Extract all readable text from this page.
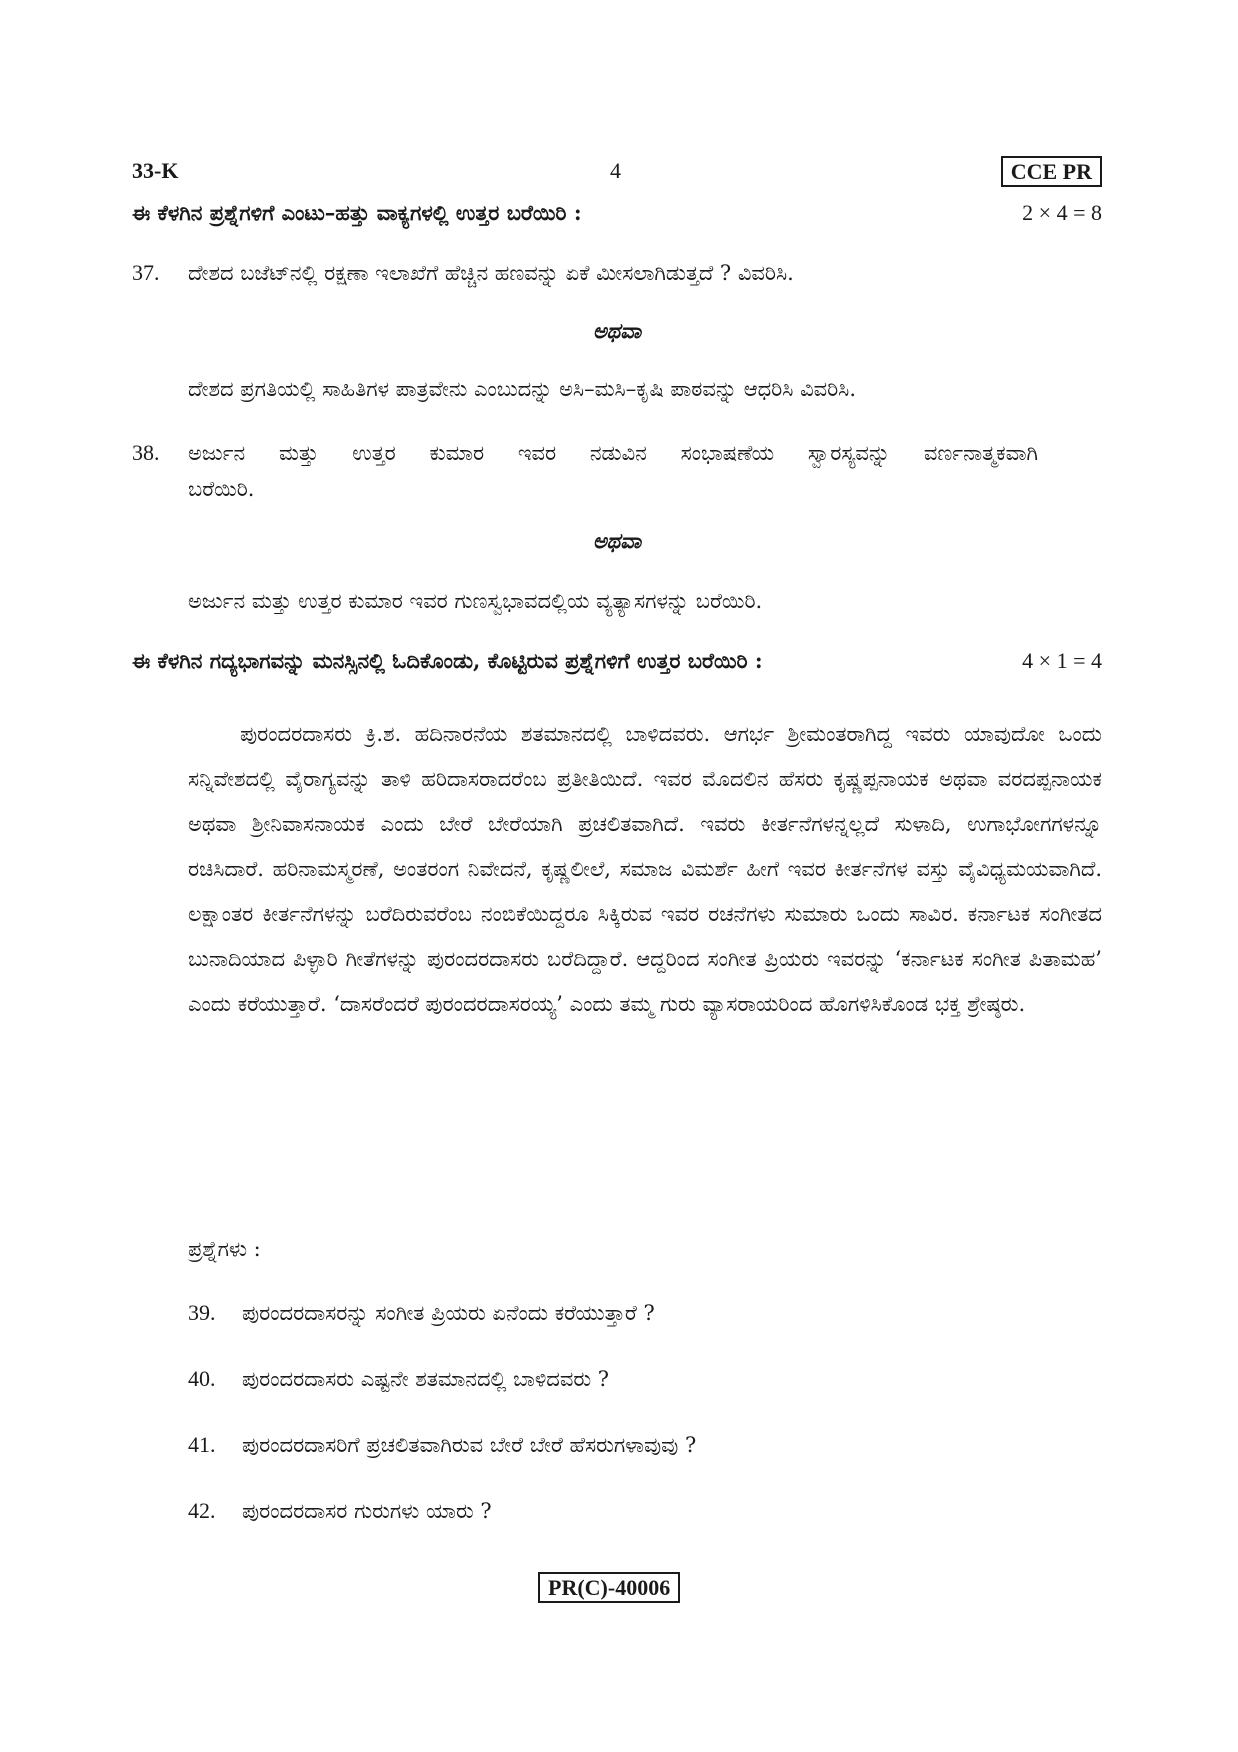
33-K	4	CCE PR
ಈ ಕೆಳಗಿನ ಪ್ರಶ್ನೆಗಳಿಗೆ ಎಂಟು–ಹತ್ತು ವಾಕ್ಯಗಳಲ್ಲಿ ಉತ್ತರ ಬರೆಯಿರಿ :	2 × 4 = 8
37. ದೇಶದ ಬಜೆಟ್‌ನಲ್ಲಿ ರಕ್ಷಣಾ ಇಲಾಖೆಗೆ ಹೆಚ್ಚಿನ ಹಣವನ್ನು ಏಕೆ ಮೀಸಲಾಗಿಡುತ್ತದೆ ? ವಿವರಿಸಿ.
ಅಥವಾ
ದೇಶದ ಪ್ರಗತಿಯಲ್ಲಿ ಸಾಹಿತಿಗಳ ಪಾತ್ರವೇನು ಎಂಬುದನ್ನು ಅಸಿ–ಮಸಿ–ಕೃಷಿ ಪಾಠವನ್ನು ಆಧರಿಸಿ ವಿವರಿಸಿ.
38. ಅರ್ಜುನ ಮತ್ತು ಉತ್ತರ ಕುಮಾರ ಇವರ ನಡುವಿನ ಸಂಭಾಷಣೆಯ ಸ್ವಾರಸ್ಯವನ್ನು ವರ್ಣನಾತ್ಮಕವಾಗಿ
ಬರೆಯಿರಿ.
ಅಥವಾ
ಅರ್ಜುನ ಮತ್ತು ಉತ್ತರ ಕುಮಾರ ಇವರ ಗುಣಸ್ವಭಾವದಲ್ಲಿಯ ವ್ಯತ್ಯಾಸಗಳನ್ನು ಬರೆಯಿರಿ.
ಈ ಕೆಳಗಿನ ಗದ್ಯಭಾಗವನ್ನು ಮನಸ್ಸಿನಲ್ಲಿ ಓದಿಕೊಂಡು, ಕೊಟ್ಟಿರುವ ಪ್ರಶ್ನೆಗಳಿಗೆ ಉತ್ತರ ಬರೆಯಿರಿ :	4 × 1 = 4
ಪುರಂದರದಾಸರು ಕ್ರಿ.ಶ. ಹದಿನಾರನೆಯ ಶತಮಾನದಲ್ಲಿ ಬಾಳಿದವರು. ಆಗರ್ಭ ಶ್ರೀಮಂತರಾಗಿದ್ದ ಇವರು ಯಾವುದೋ ಒಂದು ಸನ್ನಿವೇಶದಲ್ಲಿ ವೈರಾಗ್ಯವನ್ನು ತಾಳಿ ಹರಿದಾಸರಾದರೆಂಬ ಪ್ರತೀತಿಯಿದೆ. ಇವರ ಮೊದಲಿನ ಹೆಸರು ಕೃಷ್ಣಪ್ಪನಾಯಕ ಅಥವಾ ವರದಪ್ಪನಾಯಕ ಅಥವಾ ಶ್ರೀನಿವಾಸನಾಯಕ ಎಂದು ಬೇರೆ ಬೇರೆಯಾಗಿ ಪ್ರಚಲಿತವಾಗಿದೆ. ಇವರು ಕೀರ್ತನೆಗಳನ್ನಲ್ಲದೆ ಸುಳಾದಿ, ಉಗಾಭೋಗಗಳನ್ನೂ ರಚಿಸಿದಾರೆ. ಹರಿನಾಮಸ್ಮರಣೆ, ಅಂತರಂಗ ನಿವೇದನೆ, ಕೃಷ್ಣಲೀಲೆ, ಸಮಾಜ ವಿಮರ್ಶೆ ಹೀಗೆ ಇವರ ಕೀರ್ತನೆಗಳ ವಸ್ತು ವೈವಿಧ್ಯಮಯವಾಗಿದೆ. ಲಕ್ಷಾಂತರ ಕೀರ್ತನೆಗಳನ್ನು ಬರೆದಿರುವರೆಂಬ ನಂಬಿಕೆಯಿದ್ದರೂ ಸಿಕ್ಕಿರುವ ಇವರ ರಚನೆಗಳು ಸುಮಾರು ಒಂದು ಸಾವಿರ. ಕರ್ನಾಟಕ ಸಂಗೀತದ ಬುನಾದಿಯಾದ ಪಿಳ್ಳಾರಿ ಗೀತೆಗಳನ್ನು ಪುರಂದರದಾಸರು ಬರೆದಿದ್ದಾರೆ. ಆದ್ದರಿಂದ ಸಂಗೀತ ಪ್ರಿಯರು ಇವರನ್ನು ‘ಕರ್ನಾಟಕ ಸಂಗೀತ ಪಿತಾಮಹ’ ಎಂದು ಕರೆಯುತ್ತಾರೆ. ‘ದಾಸರೆಂದರೆ ಪುರಂದರದಾಸರಯ್ಯ’ ಎಂದು ತಮ್ಮ ಗುರು ವ್ಯಾಸರಾಯರಿಂದ ಹೊಗಳಿಸಿಕೊಂಡ ಭಕ್ತ ಶ್ರೇಷ್ಠರು.
ಪ್ರಶ್ನೆಗಳು :
39. ಪುರಂದರದಾಸರನ್ನು ಸಂಗೀತ ಪ್ರಿಯರು ಏನೆಂದು ಕರೆಯುತ್ತಾರೆ ?
40. ಪುರಂದರದಾಸರು ಎಷ್ಟನೇ ಶತಮಾನದಲ್ಲಿ ಬಾಳಿದವರು ?
41. ಪುರಂದರದಾಸರಿಗೆ ಪ್ರಚಲಿತವಾಗಿರುವ ಬೇರೆ ಬೇರೆ ಹೆಸರುಗಳಾವುವು ?
42. ಪುರಂದರದಾಸರ ಗುರುಗಳು ಯಾರು ?
PR(C)-40006
